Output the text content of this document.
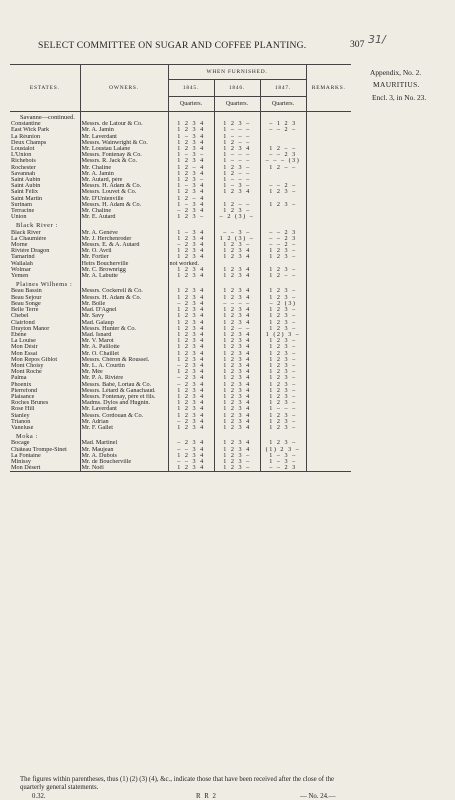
SELECT COMMITTEE ON SUGAR AND COFFEE PLANTING.	307 31/
Appendix, No. 2.
MAURITIUS.
Encl. 3, in No. 23.
ESTATES.	OWNERS.	WHEN FURNISHED.			REMARKS.
		1845.	1846.	1847.	
		Quarters.	Quarters.	Quarters.	
Savanne—continued.					
Constantine	Messrs. de Latour & Co.	1 2 3 4	1 2 3 –	– 1 2 3	
East Wick Park	Mr. A. Jamin	1 2 3 4	1 – – –	– – 2 –	
La Réunion	Mr. Laverdant	1 – 3 4	1 – – –		
Deux Champs	Messrs. Wainwright & Co.	1 2 3 4	1 2 – –		
Loustalot	Mr. Loustau Lalane	1 2 3 4	1 2 3 4	1 2 – –	
L'Union	Messrs. Fontenay & Co.	1 – 3 –	1 – – –	– – 2 3	
Richebois	Messrs. R. Jack & Co.	1 2 3 4	1 – – –	– – – (3)	
Rochester	Mr. Chaline	1 2 – 4	1 2 3 –	1 2 – –	
Savannah	Mr. A. Jamin	1 2 3 4	1 2 – –		
Saint Aubin	Mr. Autard, père	1 2 3 –	1 – – –		
Saint Aubin	Messrs. H. Adam & Co.	1 – 3 4	1 – 3 –	– – 2 –	
Saint Félix	Messrs. Louvet & Co.	1 2 3 4	1 2 3 4	1 2 3 –	
Saint Martin	Mr. D'Unienville	1 2 – 4			
Surinam	Messrs. H. Adam & Co.	1 – 3 4	1 2 – –	1 2 3 –	
Terracine	Mr. Chaline	– 2 3 4	1 2 3 –		
Union	Mr. E. Autard	1 2 3 –	– 2 (3) –		
Black River :					
Black River	Mr. A. Genève	1 – 3 4	– – 3 –	– – 2 3	
La Chaumière	Mr. J. Herchenroder	1 2 3 4	1 2 (3) –	– – 2 3	
Morne	Messrs. E. & A. Autard	– 2 3 4	1 2 3 –	– – 2 –	
Rivière Dragon	Mr. O. Avril	1 2 3 4	1 2 3 4	1 2 3 –	
Tamarind	Mr. Fortier	1 2 3 4	1 2 3 4	1 2 3 –	
Wallalah	Heirs Boucherville	not worked.			
Wolmar	Mr. C. Brownrigg	1 2 3 4	1 2 3 4	1 2 3 –	
Yemen	Mr. A. Labutte	1 2 3 4	1 2 3 4	1 2 – –	
Plaines Wilhems :					
Beau Bassin	Messrs. Cockerell & Co.	1 2 3 4	1 2 3 4	1 2 3 –	
Beau Sejour	Messrs. H. Adam & Co.	1 2 3 4	1 2 3 4	1 2 3 –	
Beau Songe	Mr. Bolle	– 2 3 4	– – – –	– 2 (3)	
Belle Terre	Mad. D'Agnel	1 2 3 4	1 2 3 4	1 2 3 –	
Chebel	Mr. Savy	1 2 3 4	1 2 3 4	1 2 3 –	
Clairfond	Mad. Galaup	1 2 3 4	1 2 3 4	1 2 3 –	
Drayton Manor	Messrs. Hunter & Co.	1 2 3 4	1 2 – –	1 2 3 –	
Ebène	Mad. Isnard	1 2 3 4	1 2 3 4	1 (2) 3 –	
La Louise	Mr. V. Marot	1 2 3 4	1 2 3 4	1 2 3 –	
Mon Désir	Mr. A. Paillotte	1 2 3 4	1 2 3 4	1 2 3 –	
Mon Essai	Mr. O. Chaillet	1 2 3 4	1 2 3 4	1 2 3 –	
Mon Repos Giblot	Messrs. Chéron & Roussel.	1 2 3 4	1 2 3 4	1 2 3 –	
Mont Choisy	Mr. L. A. Courtin	– 2 3 4	1 2 3 4	1 2 3 –	
Mont Roche	Mr. Mée	1 2 3 4	1 2 3 4	1 2 3 –	
Palma	Mr. P. A. Rivière	– 2 3 4	1 2 3 4	1 2 3 –	
Phoenix	Messrs. Babé, Lortau & Co.	– 2 3 4	1 2 3 4	1 2 3 –	
Pierrefond	Messrs. Létard & Ganachaud.	1 2 3 4	1 2 3 4	1 2 3 –	
Plaisance	Messrs. Fontenay, père et fils.	1 2 3 4	1 2 3 4	1 2 3 –	
Roches Brunes	Madms. Dylos and Hugnin.	1 2 3 4	1 2 3 4	1 2 3 –	
Rose Hill	Mr. Laverdant	1 2 3 4	1 2 3 4	1 – – –	
Stanley	Messrs. Cordouan & Co.	1 2 3 4	1 2 3 4	1 2 3 –	
Trianon	Mr. Adrian	– 2 3 4	1 2 3 4	1 2 3 –	
Vaneluse	Mr. F. Gallet	1 2 3 4	1 2 3 4	1 2 3 –	
Moka :					
Bocage	Mad. Martinel	– 2 3 4	1 2 3 4	1 2 3 –	
Château Trompe-Sinet	Mr. Maujean	– – 3 4	1 2 3 4	(1) 2 3 –	
La Fontaine	Mr. A. Dubois	1 2 3 4	1 2 3 –	1 – 3 –	
Minissy	Mr. de Boucherville	– – 3 4	1 2 3 –	1 – 3 –	
Mon Désert	Mr. Noël	1 2 3 4	1 2 3 –	– – 2 3	

The figures within parentheses, thus (1) (2) (3) (4), &c., indicate those that have been received after the close of the quarterly general statements.
0.32.	R R 2	— No. 24.—
